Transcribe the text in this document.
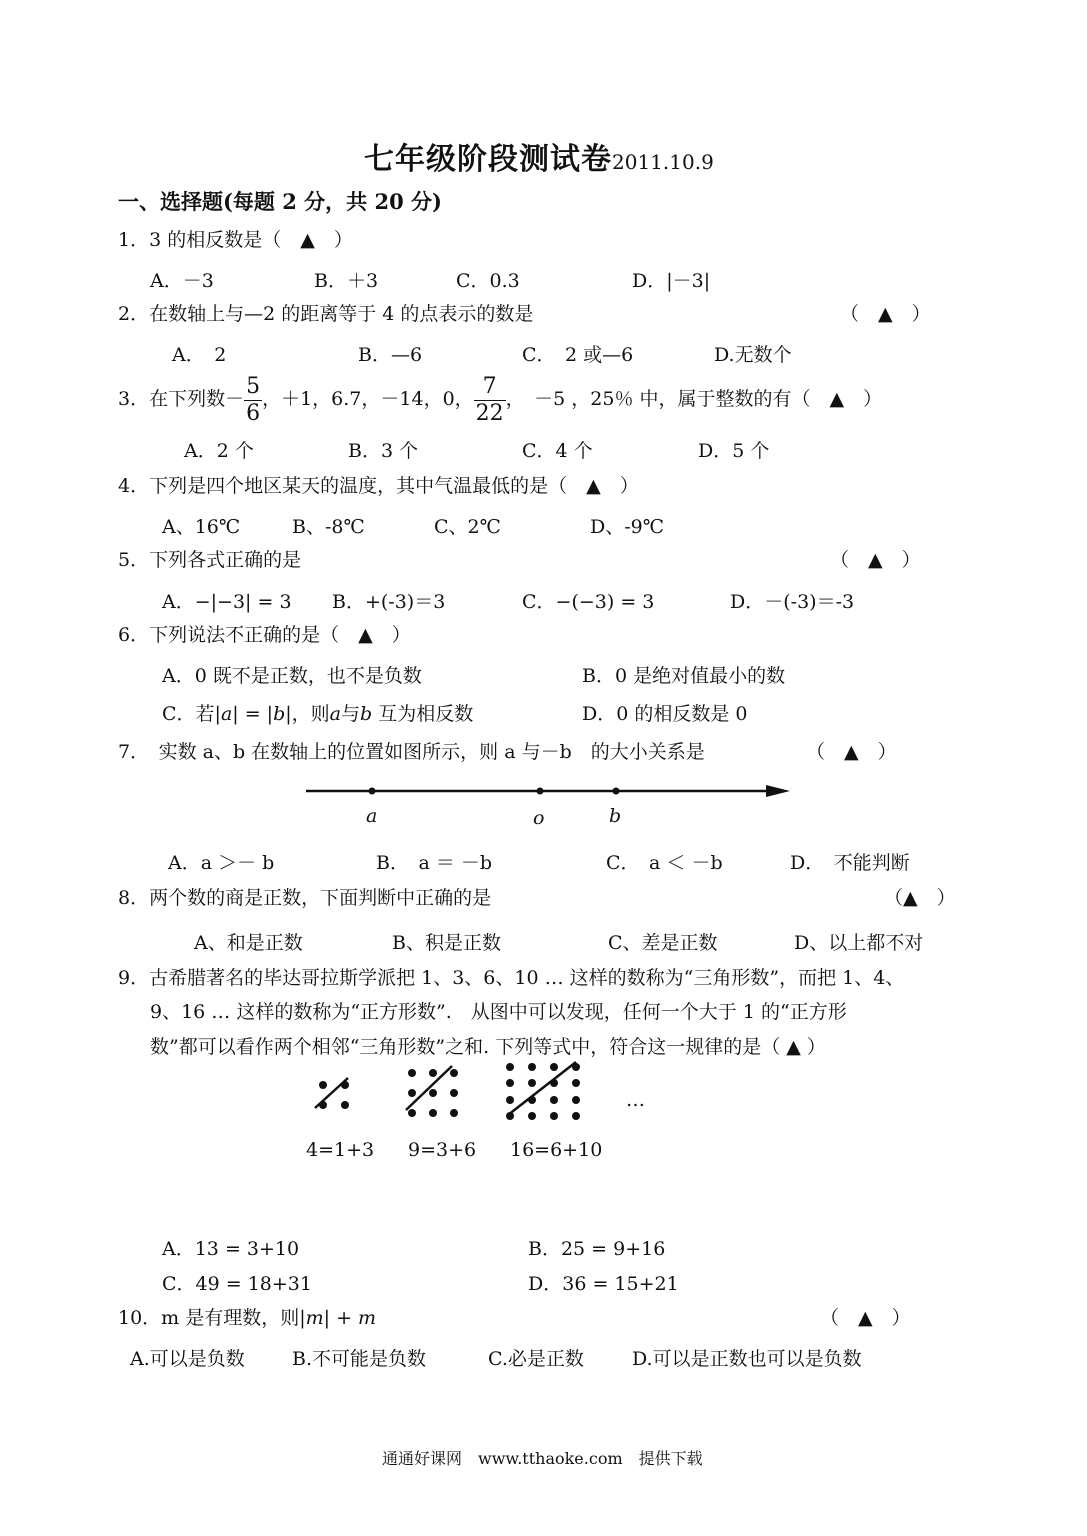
七年级阶段测试卷2011.10.9
一、选择题(每题 2 分，共 20 分)
1．3 的相反数是（　▲　）
A．－3	B．＋3	C．0.3	D．|－3|
2．在数轴上与—2 的距离等于 4 的点表示的数是	（　▲　）
A．　2	B．—6	C．　2 或—6	D.无数个
3．在下列数－ $\frac{5}{6}$ ，＋1，6.7，－14，0， $\frac{7}{22}$ ，　－5 ，25％ 中，属于整数的有（　▲　）
A．2 个	B．3 个	C．4 个	D．5 个
4．下列是四个地区某天的温度，其中气温最低的是（　▲　）
A、16℃	B、-8℃	C、2℃	D、-9℃
5．下列各式正确的是	（　▲　）
A．−|−3| = 3 B．+(-3)＝3	C．−(−3) = 3	D．－(-3)＝-3
6．下列说法不正确的是（　▲　）
A．0 既不是正数，也不是负数	B．0 是绝对值最小的数
C．若|a| = |b|，则a与b 互为相反数	D．0 的相反数是 0
7．　实数 a、b 在数轴上的位置如图所示，则 a 与－b　的大小关系是	（　▲　）
a	o	b
A．a ＞－ b	B．　a ＝ －b	C．　a ＜ －b	D．　不能判断
8．两个数的商是正数，下面判断中正确的是	（▲　）
A、和是正数	B、积是正数	C、差是正数	D、以上都不对
9．古希腊著名的毕达哥拉斯学派把 1、3、6、10 … 这样的数称为“三角形数”，而把 1、4、
9、16 … 这样的数称为“正方形数”.　从图中可以发现，任何一个大于 1 的“正方形
数”都可以看作两个相邻“三角形数”之和. 下列等式中，符合这一规律的是（ ▲ ）
…
4=1+3 9=3+6 16=6+10
A．13 = 3+10	B．25 = 9+16
C．49 = 18+31	D．36 = 15+21
10．m 是有理数，则|m| + m	（　▲　）
A.可以是负数 B.不可能是负数	C.必是正数	D.可以是正数也可以是负数
通通好课网　www.tthaoke.com　提供下载
